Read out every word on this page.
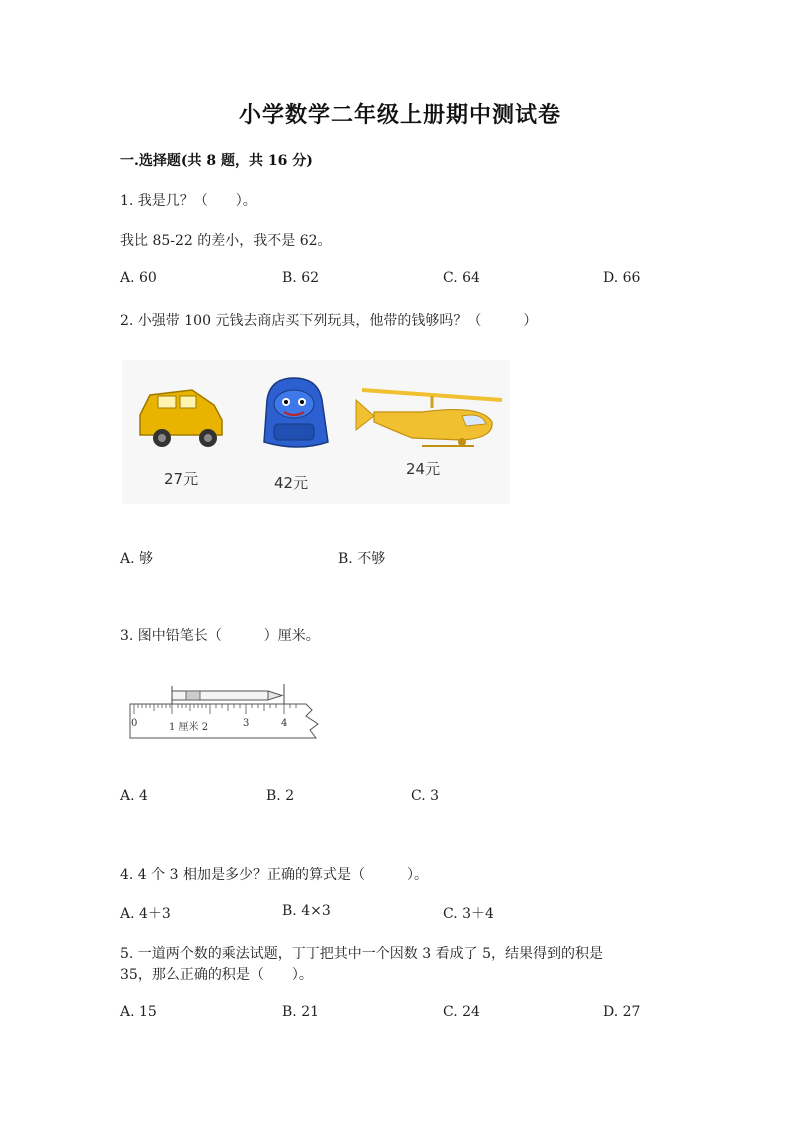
小学数学二年级上册期中测试卷
一.选择题(共 8 题，共 16 分)
1. 我是几？（　　）。
我比 85-22 的差小，我不是 62。
A. 60	B. 62	C. 64	D. 66
2. 小强带 100 元钱去商店买下列玩具，他带的钱够吗？（　　　）
27元	42元
24元
A. 够	B. 不够
3. 图中铅笔长（　　　）厘米。
0	1 厘米 2	3	4
A. 4	B. 2	C. 3
4. 4 个 3 相加是多少？正确的算式是（　　　）。
A. 4＋3	B. 4×3	C. 3＋4
5. 一道两个数的乘法试题，丁丁把其中一个因数 3 看成了 5，结果得到的积是
35，那么正确的积是（　　）。
A. 15	B. 21	C. 24	D. 27
